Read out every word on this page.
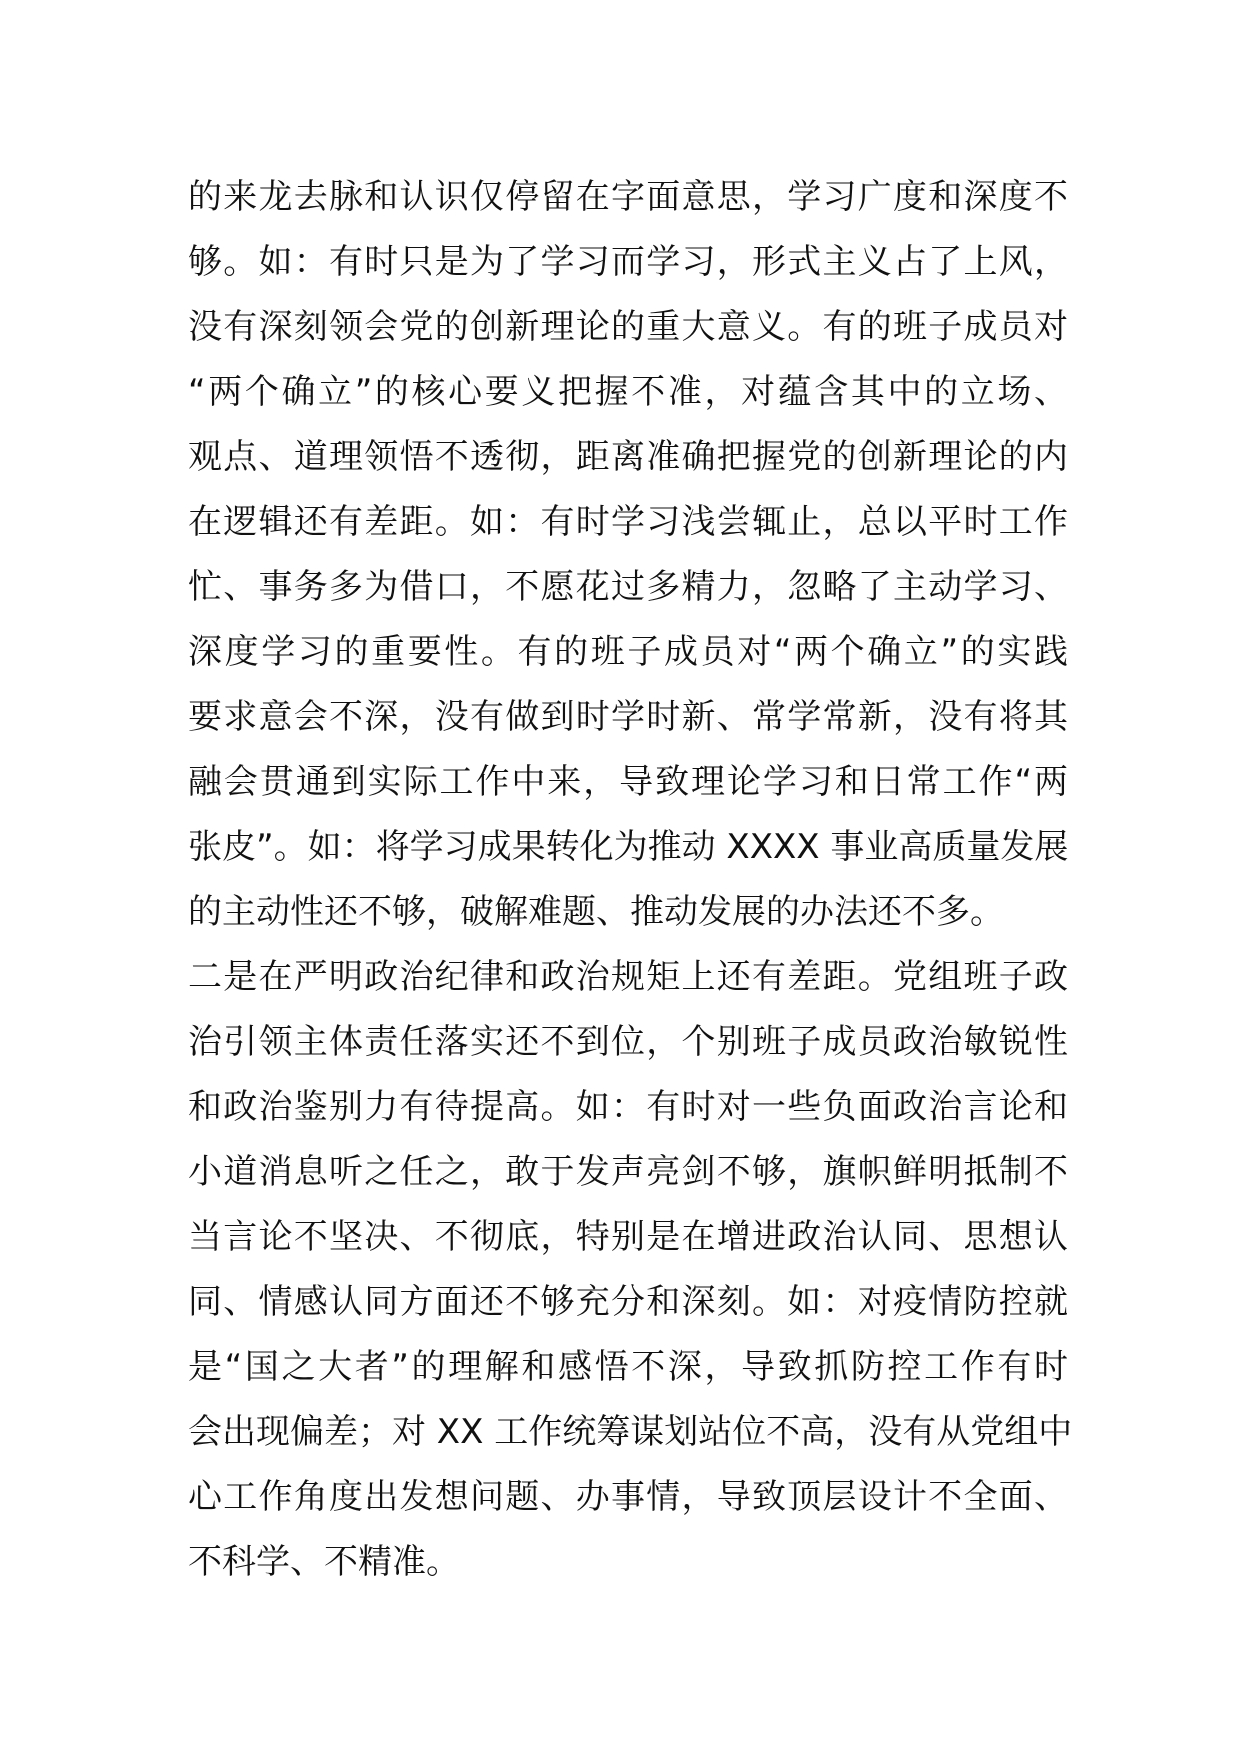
的来龙去脉和认识仅停留在字面意思，学习广度和深度不
够。如：有时只是为了学习而学习，形式主义占了上风，
没有深刻领会党的创新理论的重大意义。有的班子成员对
“两个确立”的核心要义把握不准，对蕴含其中的立场、
观点、道理领悟不透彻，距离准确把握党的创新理论的内
在逻辑还有差距。如：有时学习浅尝辄止，总以平时工作
忙、事务多为借口，不愿花过多精力，忽略了主动学习、
深度学习的重要性。有的班子成员对“两个确立”的实践
要求意会不深，没有做到时学时新、常学常新，没有将其
融会贯通到实际工作中来，导致理论学习和日常工作“两
张皮”。如：将学习成果转化为推动 XXXX 事业高质量发展
的主动性还不够，破解难题、推动发展的办法还不多。
二是在严明政治纪律和政治规矩上还有差距。党组班子政
治引领主体责任落实还不到位，个别班子成员政治敏锐性
和政治鉴别力有待提高。如：有时对一些负面政治言论和
小道消息听之任之，敢于发声亮剑不够，旗帜鲜明抵制不
当言论不坚决、不彻底，特别是在增进政治认同、思想认
同、情感认同方面还不够充分和深刻。如：对疫情防控就
是“国之大者”的理解和感悟不深，导致抓防控工作有时
会出现偏差；对 XX 工作统筹谋划站位不高，没有从党组中
心工作角度出发想问题、办事情，导致顶层设计不全面、
不科学、不精准。
